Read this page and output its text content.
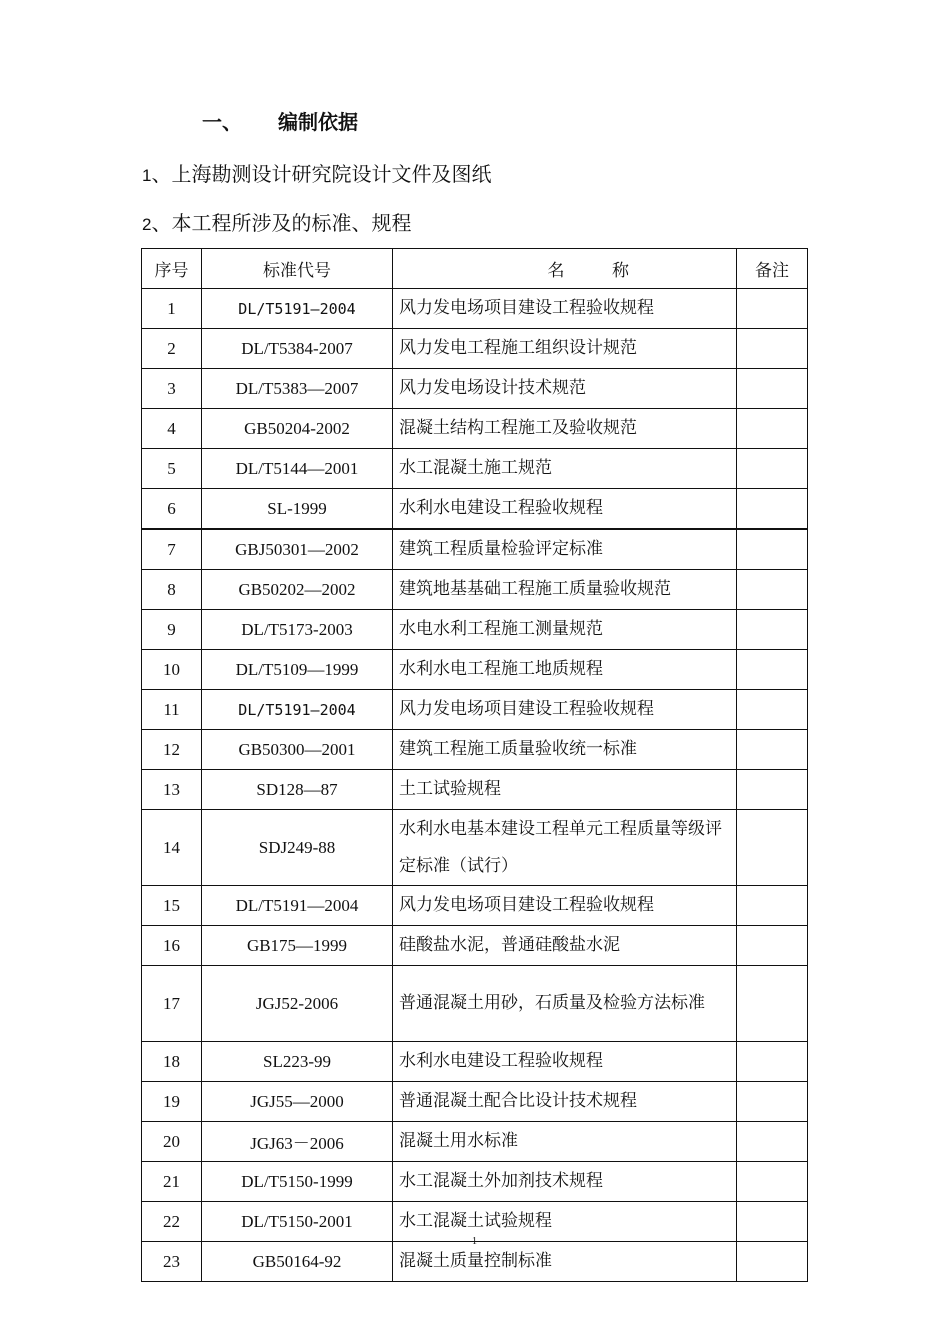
一、 编制依据
1、上海勘测设计研究院设计文件及图纸
2、本工程所涉及的标准、规程
序号	标准代号	名 称	备注
1	DL/T5191—2004	风力发电场项目建设工程验收规程	
2	DL/T5384-2007	风力发电工程施工组织设计规范	
3	DL/T5383—2007	风力发电场设计技术规范	
4	GB50204-2002	混凝土结构工程施工及验收规范	
5	DL/T5144—2001	水工混凝土施工规范	
6	SL-1999	水利水电建设工程验收规程	
7	GBJ50301—2002	建筑工程质量检验评定标准	
8	GB50202—2002	建筑地基基础工程施工质量验收规范	
9	DL/T5173-2003	水电水利工程施工测量规范	
10	DL/T5109—1999	水利水电工程施工地质规程	
11	DL/T5191—2004	风力发电场项目建设工程验收规程	
12	GB50300—2001	建筑工程施工质量验收统一标准	
13	SD128—87	土工试验规程	
14	SDJ249-88	水利水电基本建设工程单元工程质量等级评定标准（试行）	
15	DL/T5191—2004	风力发电场项目建设工程验收规程	
16	GB175—1999	硅酸盐水泥，普通硅酸盐水泥	
17	JGJ52-2006	普通混凝土用砂，石质量及检验方法标准	
18	SL223-99	水利水电建设工程验收规程	
19	JGJ55—2000	普通混凝土配合比设计技术规程	
20	JGJ63－2006	混凝土用水标准	
21	DL/T5150-1999	水工混凝土外加剂技术规程	
22	DL/T5150-2001	水工混凝土试验规程	
23	GB50164-92	混凝土质量控制标准	
1
